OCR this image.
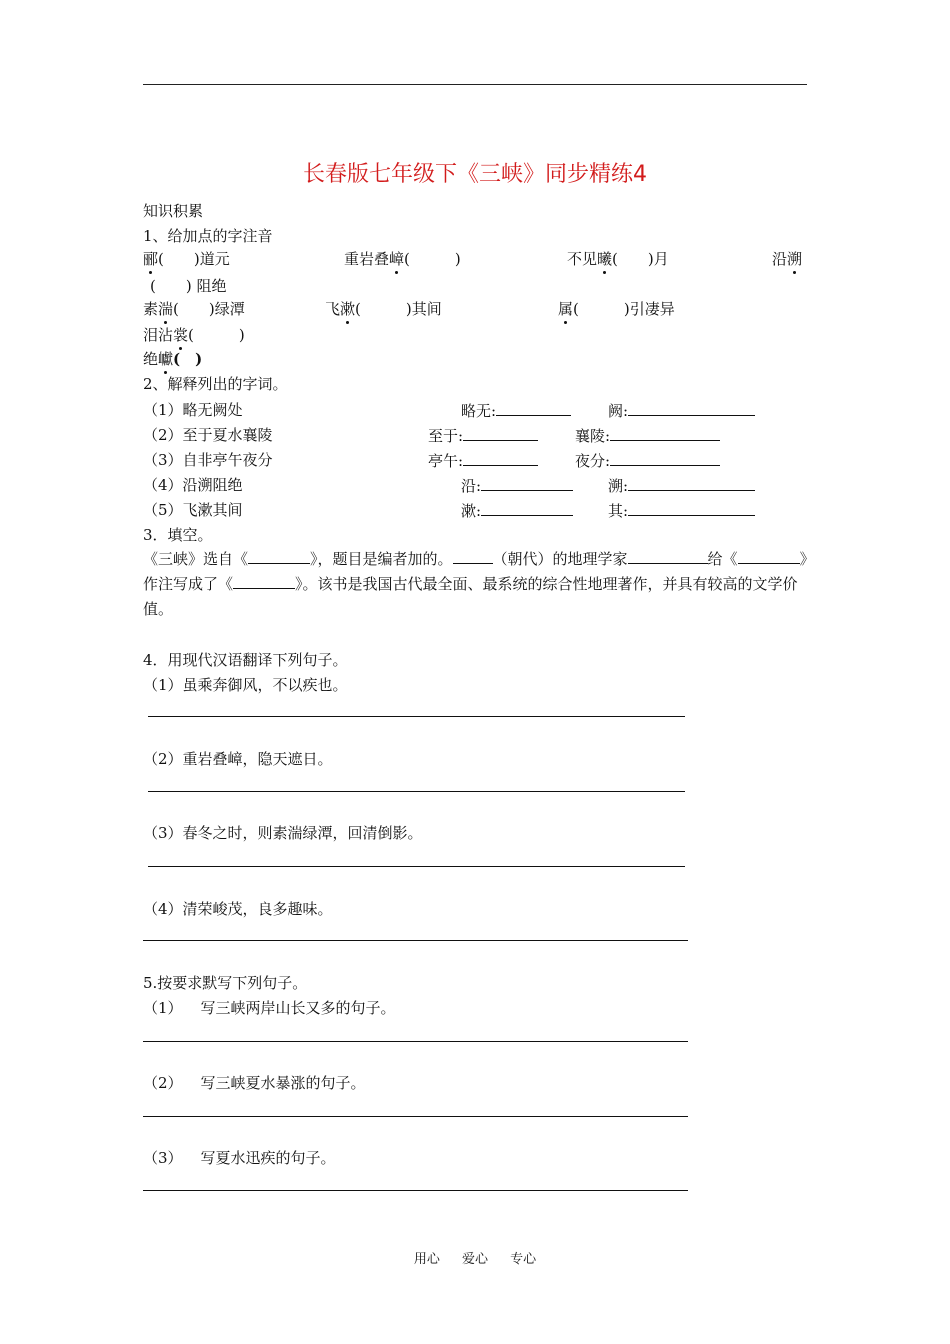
长春版七年级下《三峡》同步精练4
知识积累
1、给加点的字注音
郦(　　)道元	重岩叠嶂(　　　)	不见曦(　　)月	沿溯
(　　) 阻绝
素湍(　　)绿潭	飞漱(　　　)其间	属(　　　)引凄异
泪沾裳(　　　)
绝巘(　)
2、解释列出的字词。
（1）略无阙处	略无:	阙:
（2）至于夏水襄陵	至于:	襄陵:
（3）自非亭午夜分	亭午:	夜分:
（4）沿溯阻绝	沿:	溯:
（5）飞漱其间	漱:	其:
3．填空。
《三峡》选自《	》，题目是编者加的。	（朝代）的地理学家	给《	》作注写成了《	》。该书是我国古代最全面、最系统的综合性地理著作，并具有较高的文学价值。
4．用现代汉语翻译下列句子。
（1）虽乘奔御风，不以疾也。
（2）重岩叠嶂，隐天遮日。
（3）春冬之时，则素湍绿潭，回清倒影。
（4）清荣峻茂，良多趣味。
5.按要求默写下列句子。
（1） 写三峡两岸山长又多的句子。
（2） 写三峡夏水暴涨的句子。
（3） 写夏水迅疾的句子。
用心 爱心 专心
